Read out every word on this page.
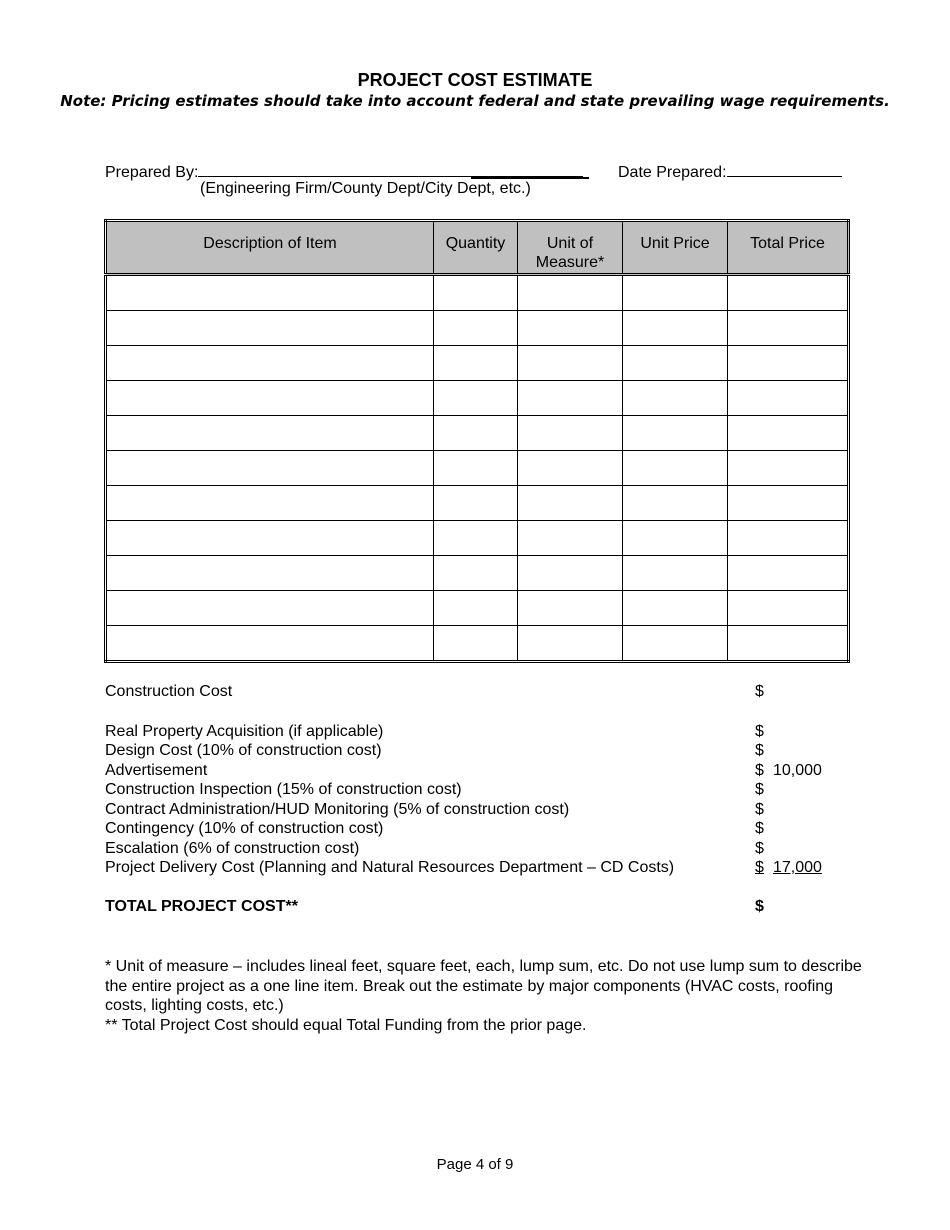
PROJECT COST ESTIMATE
Note: Pricing estimates should take into account federal and state prevailing wage requirements.
Prepared By:
(Engineering Firm/County Dept/City Dept, etc.)
Date Prepared:
Description of Item	Quantity	Unit of Measure*	Unit Price	Total Price

Construction Cost	$
Real Property Acquisition (if applicable)	$
Design Cost (10% of construction cost)	$
Advertisement	$ 10,000
Construction Inspection (15% of construction cost)	$
Contract Administration/HUD Monitoring (5% of construction cost)	$
Contingency (10% of construction cost)	$
Escalation (6% of construction cost)	$
Project Delivery Cost (Planning and Natural Resources Department – CD Costs)	$ 17,000
TOTAL PROJECT COST**	$
* Unit of measure – includes lineal feet, square feet, each, lump sum, etc. Do not use lump sum to describe the entire project as a one line item. Break out the estimate by major components (HVAC costs, roofing costs, lighting costs, etc.)
** Total Project Cost should equal Total Funding from the prior page.
Page 4 of 9
